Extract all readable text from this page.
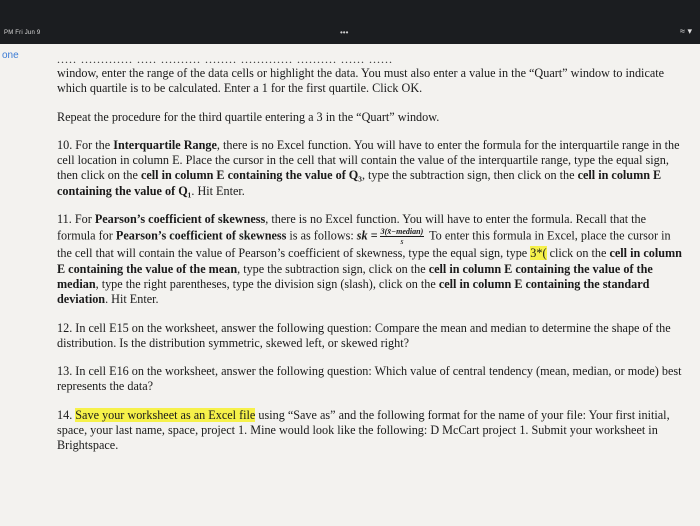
PM Fri Jun 9	•••	≈ ▾
one	..... ............. ..... .......... ........ ............. .......... ...... ......

window, enter the range of the data cells or highlight the data. You must also enter a value in the “Quart” window to indicate which quartile is to be calculated. Enter a 1 for the first quartile. Click OK.

Repeat the procedure for the third quartile entering a 3 in the “Quart” window.

10. For the Interquartile Range, there is no Excel function. You will have to enter the formula for the interquartile range in the cell location in column E. Place the cursor in the cell that will contain the value of the interquartile range, type the equal sign, then click on the cell in column E containing the value of Q₃, type the subtraction sign, then click on the cell in column E containing the value of Q₁. Hit Enter.

11. For Pearson’s coefficient of skewness, there is no Excel function. You will have to enter the formula. Recall that the formula for Pearson’s coefficient of skewness is as follows: sk = $\frac{\text{3(x̄−median)}}{s}$ To enter this formula in Excel, place the cursor in the cell that will contain the value of Pearson’s coefficient of skewness, type the equal sign, type 3*( click on the cell in column E containing the value of the mean, type the subtraction sign, click on the cell in column E containing the value of the median, type the right parentheses, type the division sign (slash), click on the cell in column E containing the standard deviation. Hit Enter.

12. In cell E15 on the worksheet, answer the following question: Compare the mean and median to determine the shape of the distribution. Is the distribution symmetric, skewed left, or skewed right?

13. In cell E16 on the worksheet, answer the following question: Which value of central tendency (mean, median, or mode) best represents the data?

14. Save your worksheet as an Excel file using “Save as” and the following format for the name of your file: Your first initial, space, your last name, space, project 1. Mine would look like the following: D McCart project 1. Submit your worksheet in Brightspace.
